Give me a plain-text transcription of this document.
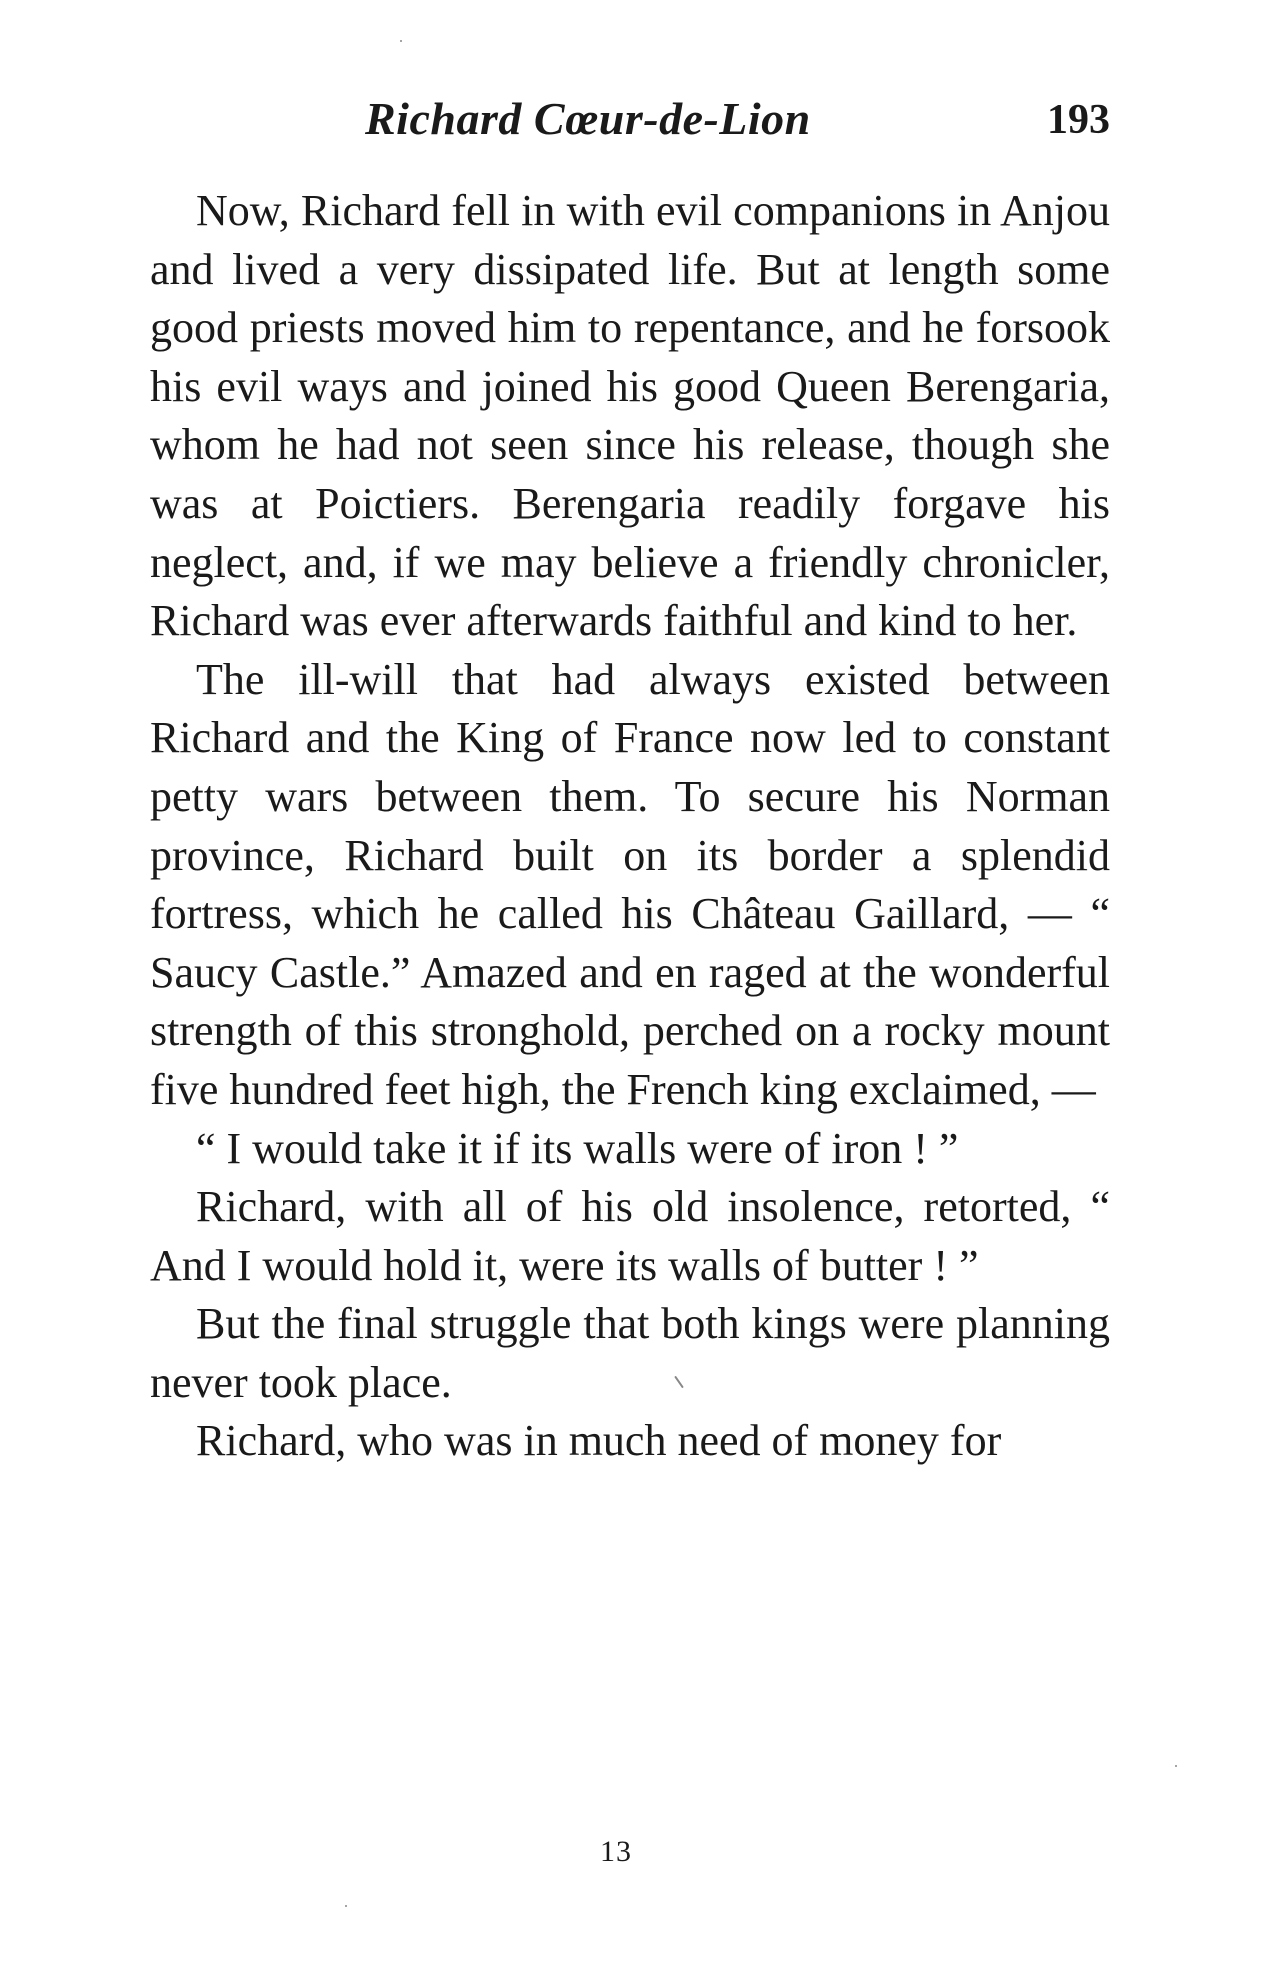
Richard Cœur-de-Lion	193

Now, Richard fell in with evil companions in Anjou and lived a very dissipated life. But at length some good priests moved him to repentance, and he forsook his evil ways and joined his good Queen Berengaria, whom he had not seen since his release, though she was at Poictiers. Berengaria readily forgave his neglect, and, if we may believe a friendly chronicler, Richard was ever afterwards faithful and kind to her.

The ill-will that had always existed between Richard and the King of France now led to constant petty wars between them. To secure his Norman province, Richard built on its border a splendid fortress, which he called his Château Gaillard, — “ Saucy Castle.” Amazed and en raged at the wonderful strength of this stronghold, perched on a rocky mount five hundred feet high, the French king exclaimed, —

“ I would take it if its walls were of iron ! ”

Richard, with all of his old insolence, retorted, “ And I would hold it, were its walls of butter ! ”

But the final struggle that both kings were planning never took place.

Richard, who was in much need of money for

13
